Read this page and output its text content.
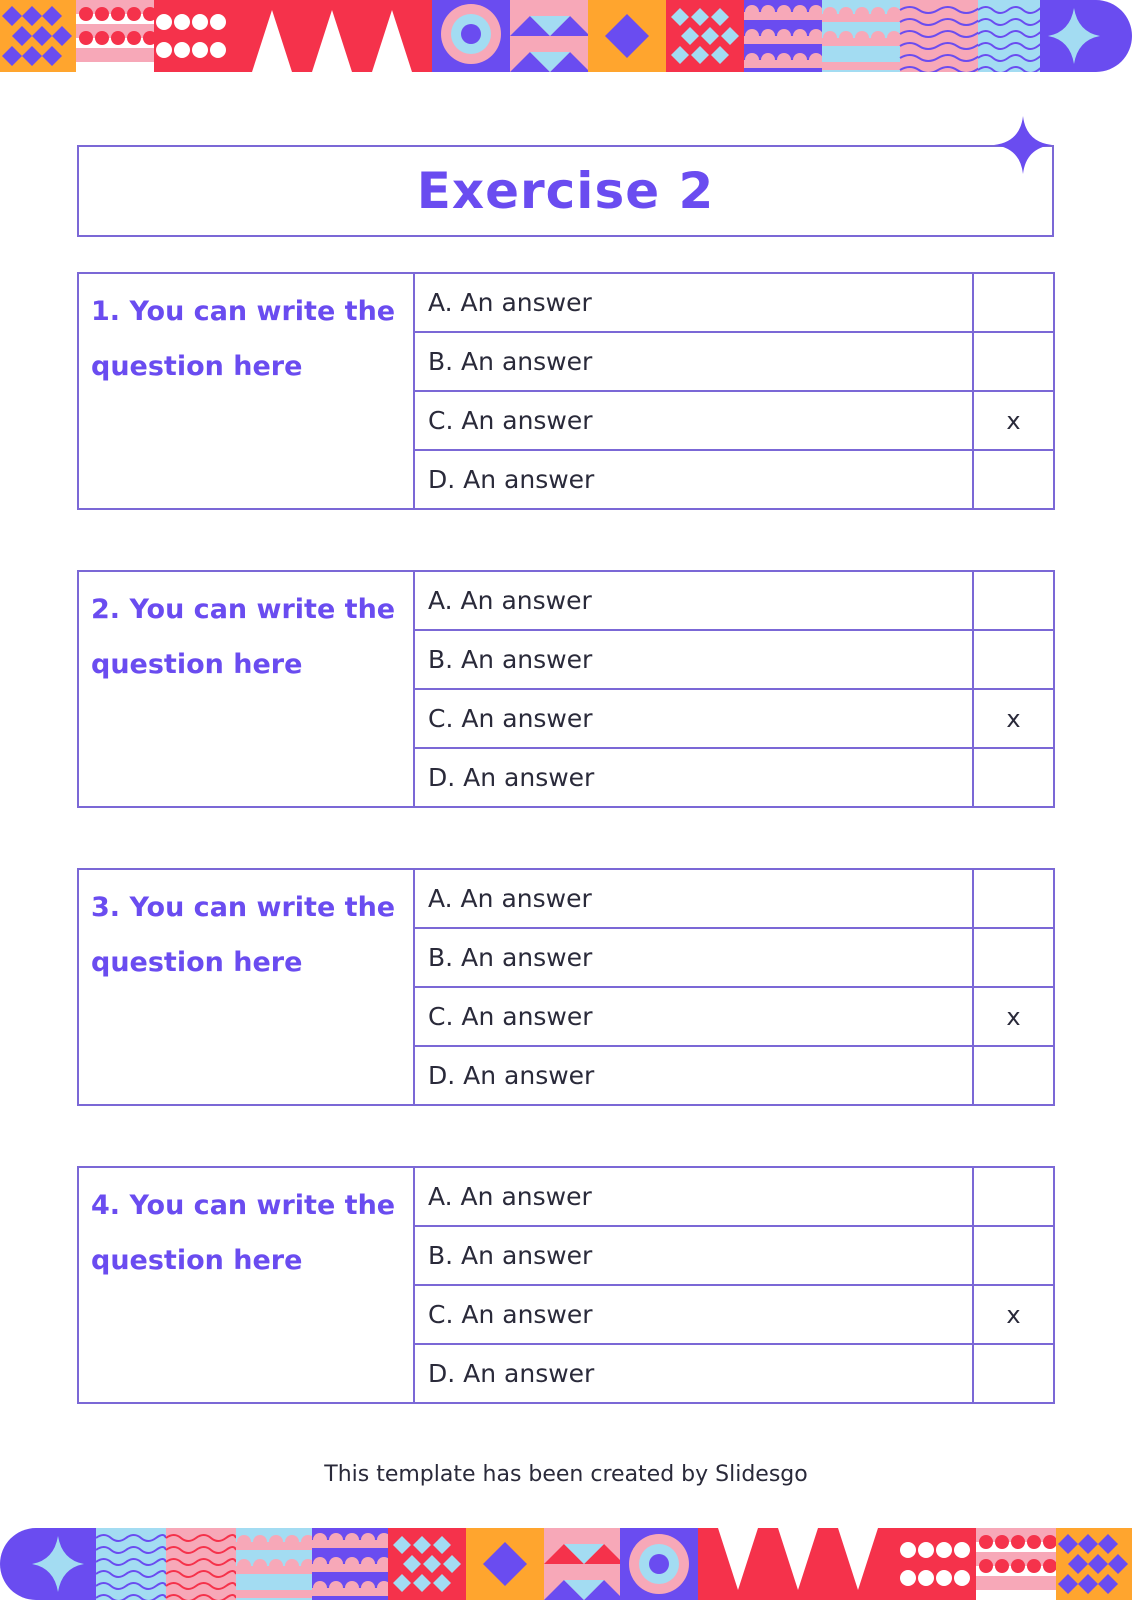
Exercise 2
1. You can write the question here
A. An answer
B. An answer
C. An answer	x
D. An answer
2. You can write the question here
A. An answer
B. An answer
C. An answer	x
D. An answer
3. You can write the question here
A. An answer
B. An answer
C. An answer	x
D. An answer
4. You can write the question here
A. An answer
B. An answer
C. An answer	x
D. An answer
This template has been created by Slidesgo
